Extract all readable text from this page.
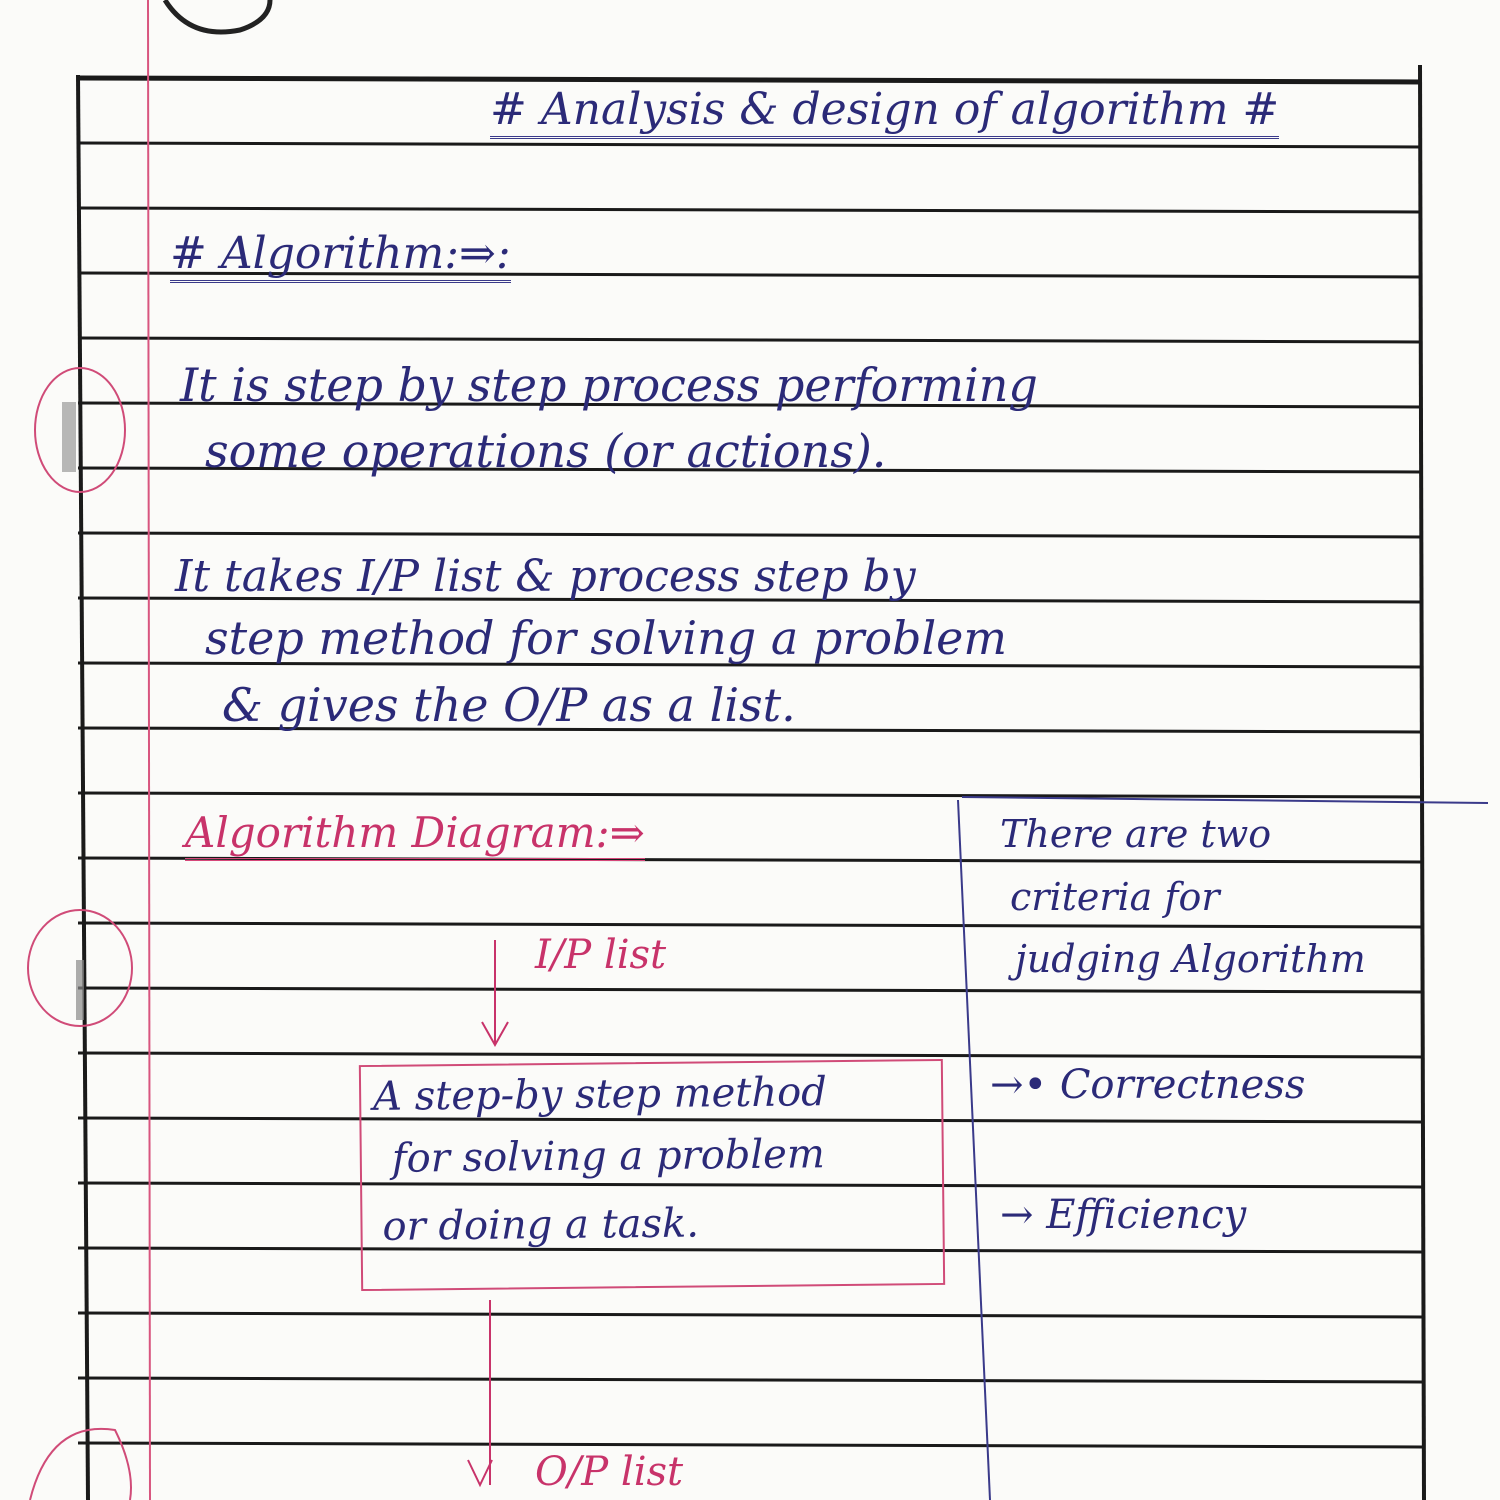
# Analysis & design of algorithm #
# Algorithm:⇒:
It is step by step process performing
some operations (or actions).
It takes I/P list & process step by
step method for solving a problem
& gives the O/P as a list.
Algorithm Diagram:⇒
I/P list
A step-by step method
for solving a problem
or doing a task.
O/P list
There are two
criteria for
judging Algorithm
→• Correctness
→ Efficiency
